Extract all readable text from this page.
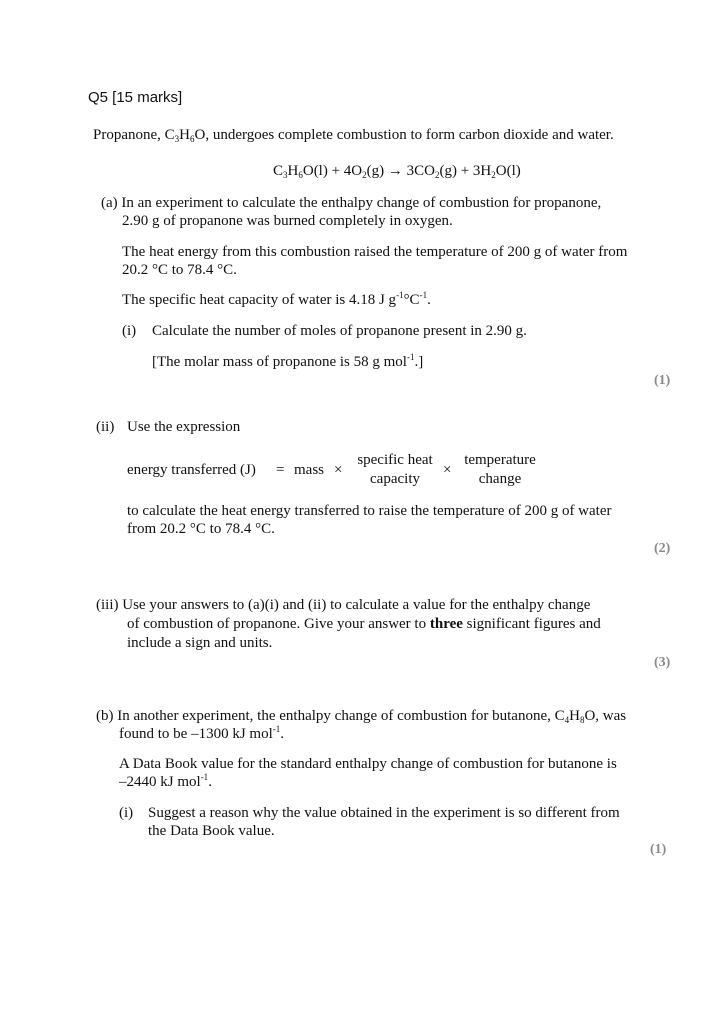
Q5 [15 marks]
Propanone, $C_3H_6O$, undergoes complete combustion to form carbon dioxide and water.
$C_3H_6O(l) + 4O_2(g) \to 3CO_2(g) + 3H_2O(l)$
(a) In an experiment to calculate the enthalpy change of combustion for propanone,
2.90 g of propanone was burned completely in oxygen.
The heat energy from this combustion raised the temperature of 200 g of water from
20.2 °C to 78.4 °C.
The specific heat capacity of water is 4.18 J $g^{-1}^\circ C^{-1}$.
(i) Calculate the number of moles of propanone present in 2.90 g.
[The molar mass of propanone is 58 g mol$^{-1}$.]
(1)
(ii) Use the expression
energy transferred (J) = mass ×
specific heat
capacity
×
temperature
change
to calculate the heat energy transferred to raise the temperature of 200 g of water
from 20.2 °C to 78.4 °C.
(2)
(iii) Use your answers to (a)(i) and (ii) to calculate a value for the enthalpy change
of combustion of propanone. Give your answer to three significant figures and
include a sign and units.
(3)
(b) In another experiment, the enthalpy change of combustion for butanone, $C_4H_8O$, was
found to be –1300 kJ mol$^{-1}$.
A Data Book value for the standard enthalpy change of combustion for butanone is
–2440 kJ mol$^{-1}$.
(i) Suggest a reason why the value obtained in the experiment is so different from
the Data Book value.
(1)
